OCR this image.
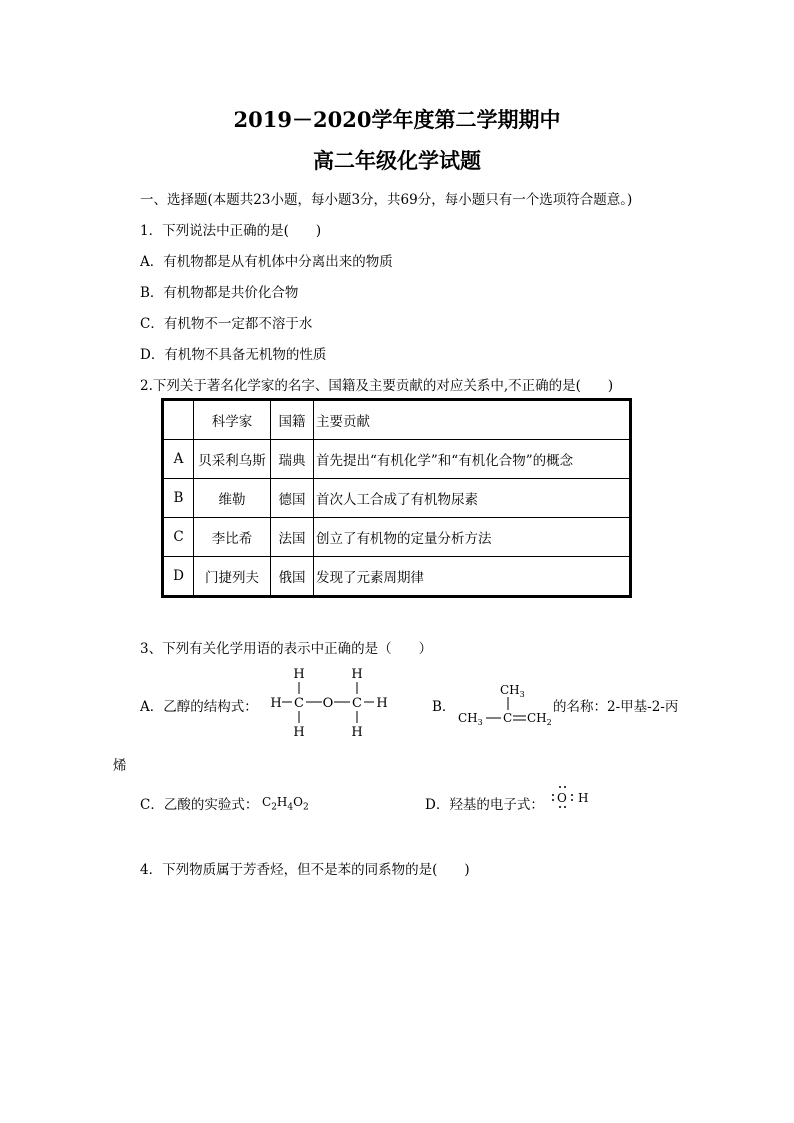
2019－2020学年度第二学期期中
高二年级化学试题
一、选择题(本题共23小题，每小题3分，共69分，每小题只有一个选项符合题意。)
1．下列说法中正确的是(　　)
A．有机物都是从有机体中分离出来的物质
B．有机物都是共价化合物
C．有机物不一定都不溶于水
D．有机物不具备无机物的性质
2.下列关于著名化学家的名字、国籍及主要贡献的对应关系中,不正确的是(　　)
	科学家	国籍	主要贡献
A	贝采利乌斯	瑞典	首先提出“有机化学”和“有机化合物”的概念
B	维勒	德国	首次人工合成了有机物尿素
C	李比希	法国	创立了有机物的定量分析方法
D	门捷列夫	俄国	发现了元素周期律
3、下列有关化学用语的表示中正确的是（　　）
A．乙醇的结构式：
H	H
H C O C H
H	H
B．
$CH_3$
$CH_3$ C $CH_2$
的名称：2-甲基-2-丙
烯
C．乙酸的实验式： $C_2H_4O_2$	D．羟基的电子式： O H
4．下列物质属于芳香烃，但不是苯的同系物的是(　　)
